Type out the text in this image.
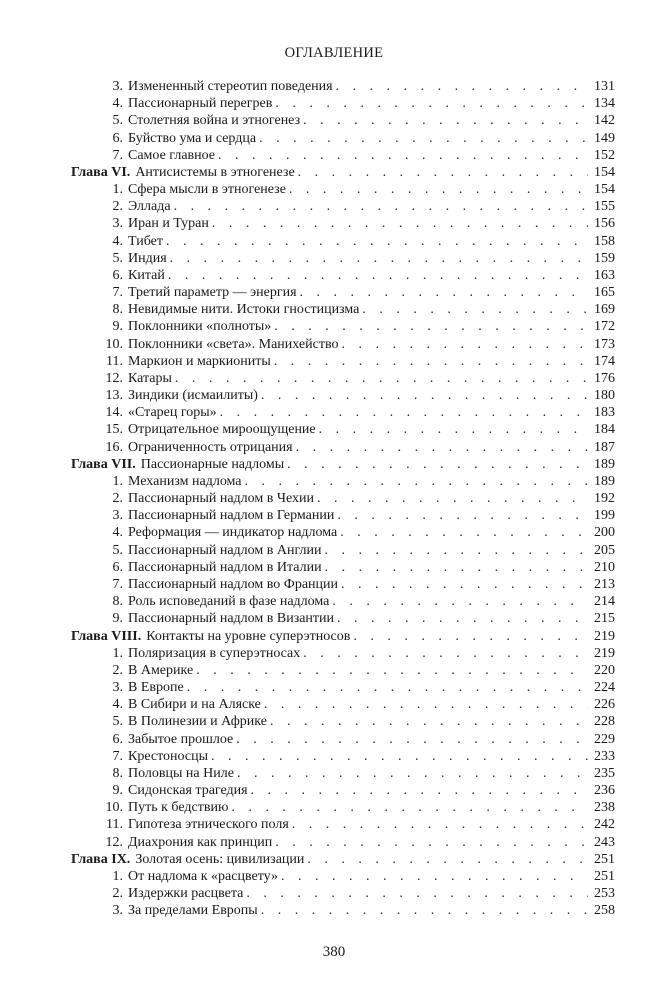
ОГЛАВЛЕНИЕ
3. Измененный стереотип поведения . . .	131
4. Пассионарный перегрев . . .	134
5. Столетняя война и этногенез . . .	142
6. Буйство ума и сердца . . .	149
7. Самое главное . . .	152
Глава VI. Антисистемы в этногенезе . . .	154
1. Сфера мысли в этногенезе . . .	154
2. Эллада . . .	155
3. Иран и Туран . . .	156
4. Тибет . . .	158
5. Индия . . .	159
6. Китай . . .	163
7. Третий параметр — энергия . . .	165
8. Невидимые нити. Истоки гностицизма . . .	169
9. Поклонники «полноты» . . .	172
10. Поклонники «света». Манихейство . . .	173
11. Маркион и маркиониты . . .	174
12. Катары . . .	176
13. Зиндики (исмаилиты) . . .	180
14. «Старец горы» . . .	183
15. Отрицательное мироощущение . . .	184
16. Ограниченность отрицания . . .	187
Глава VII. Пассионарные надломы . . .	189
1. Механизм надлома . . .	189
2. Пассионарный надлом в Чехии . . .	192
3. Пассионарный надлом в Германии . . .	199
4. Реформация — индикатор надлома . . .	200
5. Пассионарный надлом в Англии . . .	205
6. Пассионарный надлом в Италии . . .	210
7. Пассионарный надлом во Франции . . .	213
8. Роль исповеданий в фазе надлома . . .	214
9. Пассионарный надлом в Византии . . .	215
Глава VIII. Контакты на уровне суперэтносов . . .	219
1. Поляризация в суперэтносах . . .	219
2. В Америке . . .	220
3. В Европе . . .	224
4. В Сибири и на Аляске . . .	226
5. В Полинезии и Африке . . .	228
6. Забытое прошлое . . .	229
7. Крестоносцы . . .	233
8. Половцы на Ниле . . .	235
9. Сидонская трагедия . . .	236
10. Путь к бедствию . . .	238
11. Гипотеза этнического поля . . .	242
12. Диахрония как принцип . . .	243
Глава IX. Золотая осень: цивилизации . . .	251
1. От надлома к «расцвету» . . .	251
2. Издержки расцвета . . .	253
3. За пределами Европы . . .	258
380
